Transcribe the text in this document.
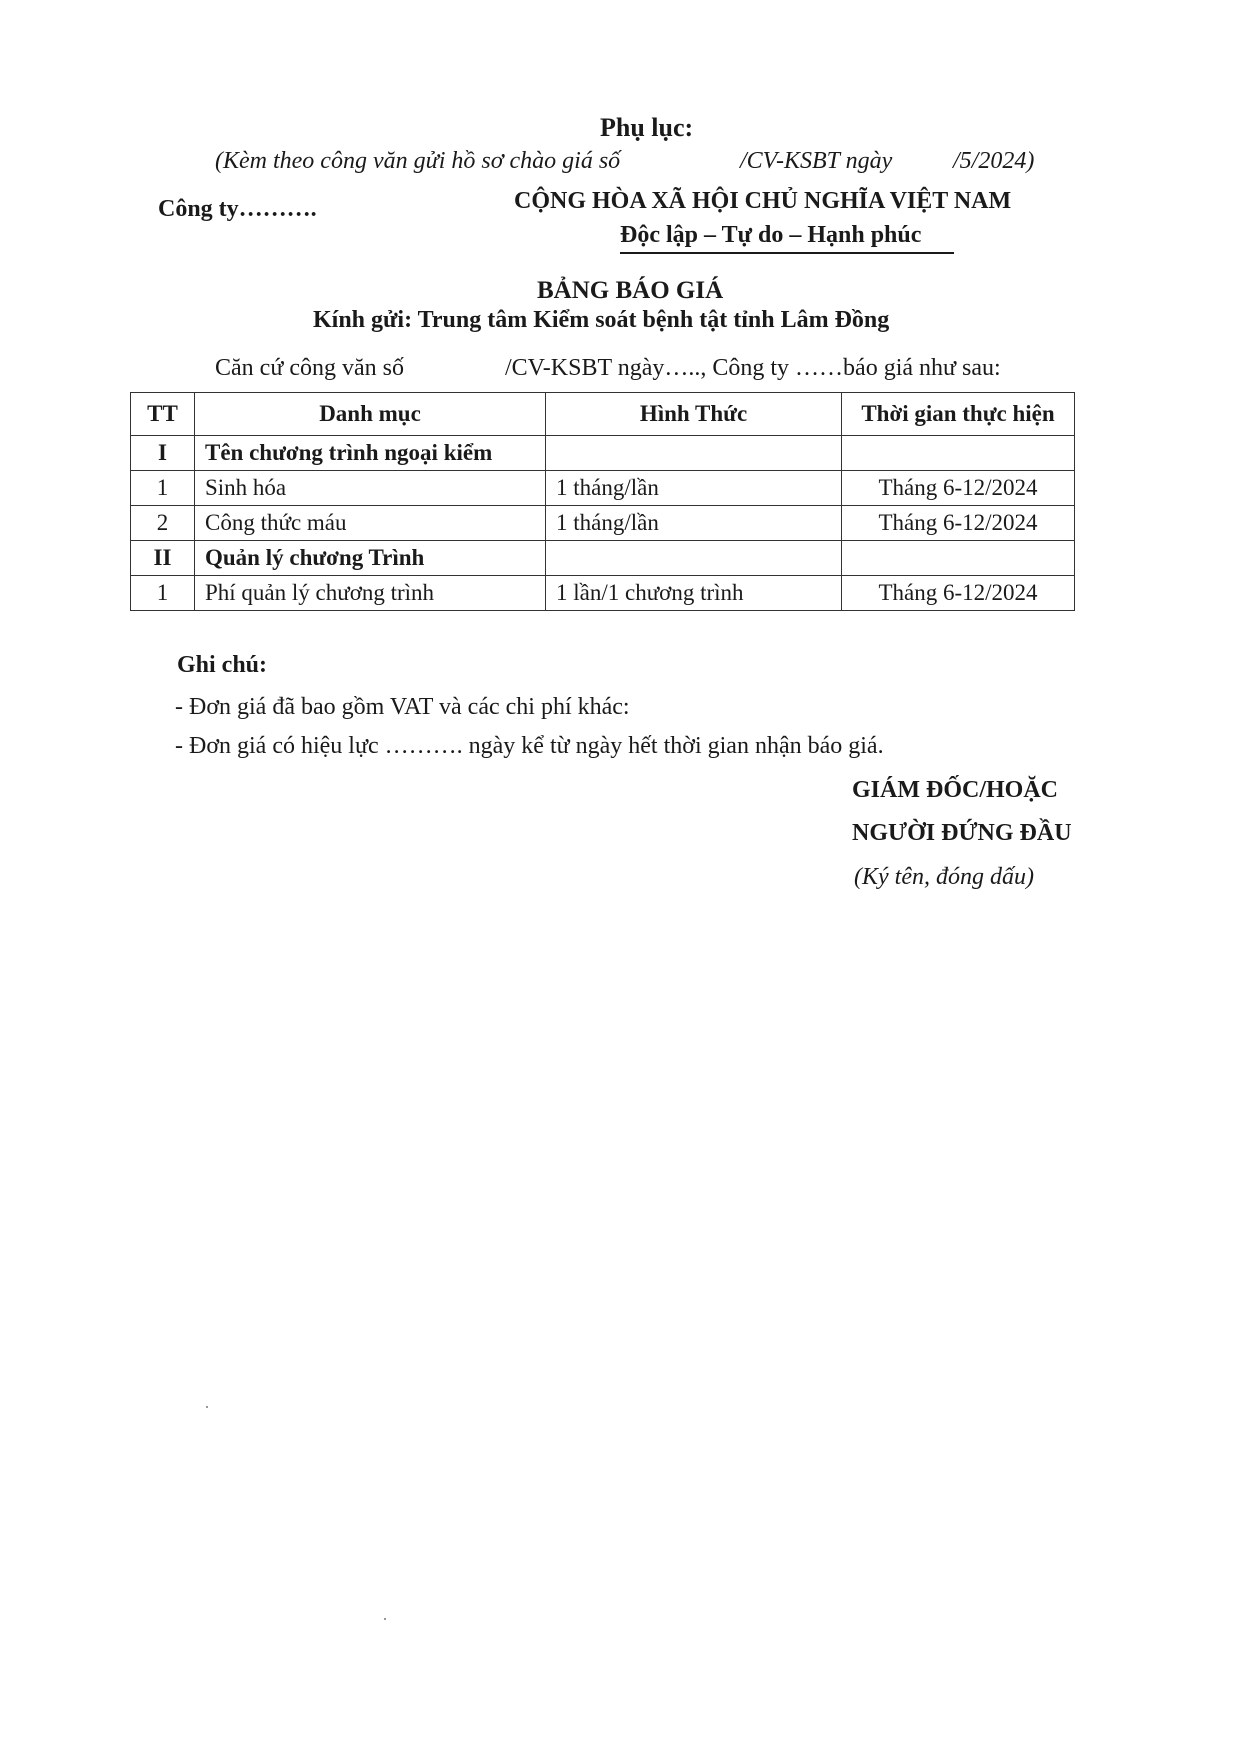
Phụ lục:
(Kèm theo công văn gửi hồ sơ chào giá số	/CV-KSBT ngày	/5/2024)
Công ty……….	CỘNG HÒA XÃ HỘI CHỦ NGHĨA VIỆT NAM
Độc lập – Tự do – Hạnh phúc
BẢNG BÁO GIÁ
Kính gửi: Trung tâm Kiểm soát bệnh tật tỉnh Lâm Đồng
Căn cứ công văn số	/CV-KSBT ngày….., Công ty ……báo giá như sau:
TT	Danh mục	Hình Thức	Thời gian thực hiện
I	Tên chương trình ngoại kiểm		
1	Sinh hóa	1 tháng/lần	Tháng 6-12/2024
2	Công thức máu	1 tháng/lần	Tháng 6-12/2024
II	Quản lý chương Trình		
1	Phí quản lý chương trình	1 lần/1 chương trình	Tháng 6-12/2024
Ghi chú:
- Đơn giá đã bao gồm VAT và các chi phí khác:
- Đơn giá có hiệu lực ………. ngày kể từ ngày hết thời gian nhận báo giá.
GIÁM ĐỐC/HOẶC
NGƯỜI ĐỨNG ĐẦU
(Ký tên, đóng dấu)
